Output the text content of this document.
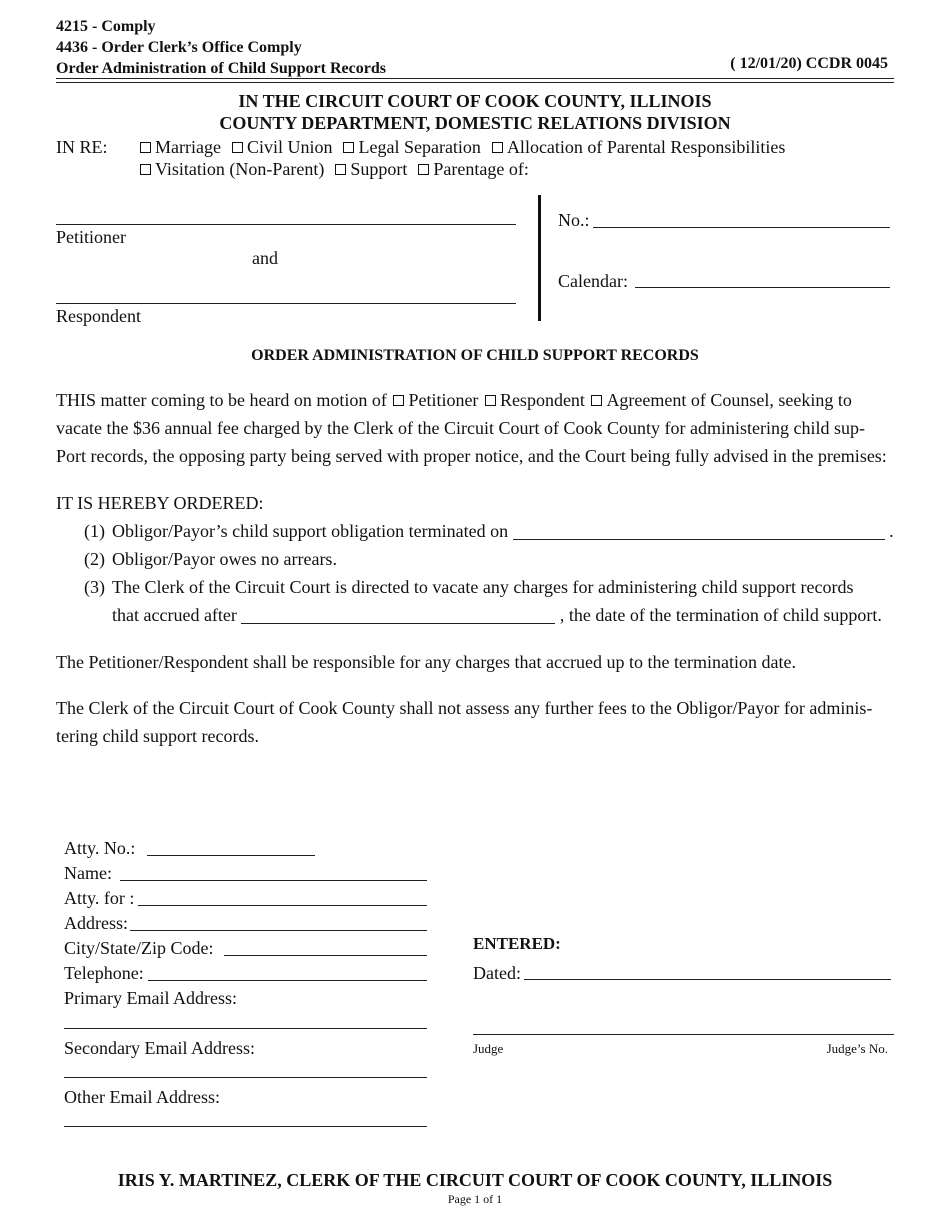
4215 - Comply
4436 - Order Clerk’s Office Comply
Order Administration of Child Support Records	( 12/01/20) CCDR 0045
IN THE CIRCUIT COURT OF COOK COUNTY, ILLINOIS
COUNTY DEPARTMENT, DOMESTIC RELATIONS DIVISION
IN RE:	Marriage Civil Union Legal Separation Allocation of Parental Responsibilities
Visitation (Non-Parent) Support Parentage of:
Petitioner
and
Respondent
No.:
Calendar:
ORDER ADMINISTRATION OF CHILD SUPPORT RECORDS
THIS matter coming to be heard on motion of Petitioner Respondent Agreement of Counsel, seeking to
vacate the $36 annual fee charged by the Clerk of the Circuit Court of Cook County for administering child sup-
Port records, the opposing party being served with proper notice, and the Court being fully advised in the premises:
IT IS HEREBY ORDERED:
(1) Obligor/Payor’s child support obligation terminated on	.
(2) Obligor/Payor owes no arrears.
(3) The Clerk of the Circuit Court is directed to vacate any charges for administering child support records
that accrued after	, the date of the termination of child support.
The Petitioner/Respondent shall be responsible for any charges that accrued up to the termination date.
The Clerk of the Circuit Court of Cook County shall not assess any further fees to the Obligor/Payor for adminis-
tering child support records.
Atty. No.:
Name:
Atty. for :
Address:
City/State/Zip Code:
Telephone:
Primary Email Address:
Secondary Email Address:
Other Email Address:
ENTERED:
Dated:
Judge	Judge’s No.
IRIS Y. MARTINEZ, CLERK OF THE CIRCUIT COURT OF COOK COUNTY, ILLINOIS
Page 1 of 1
